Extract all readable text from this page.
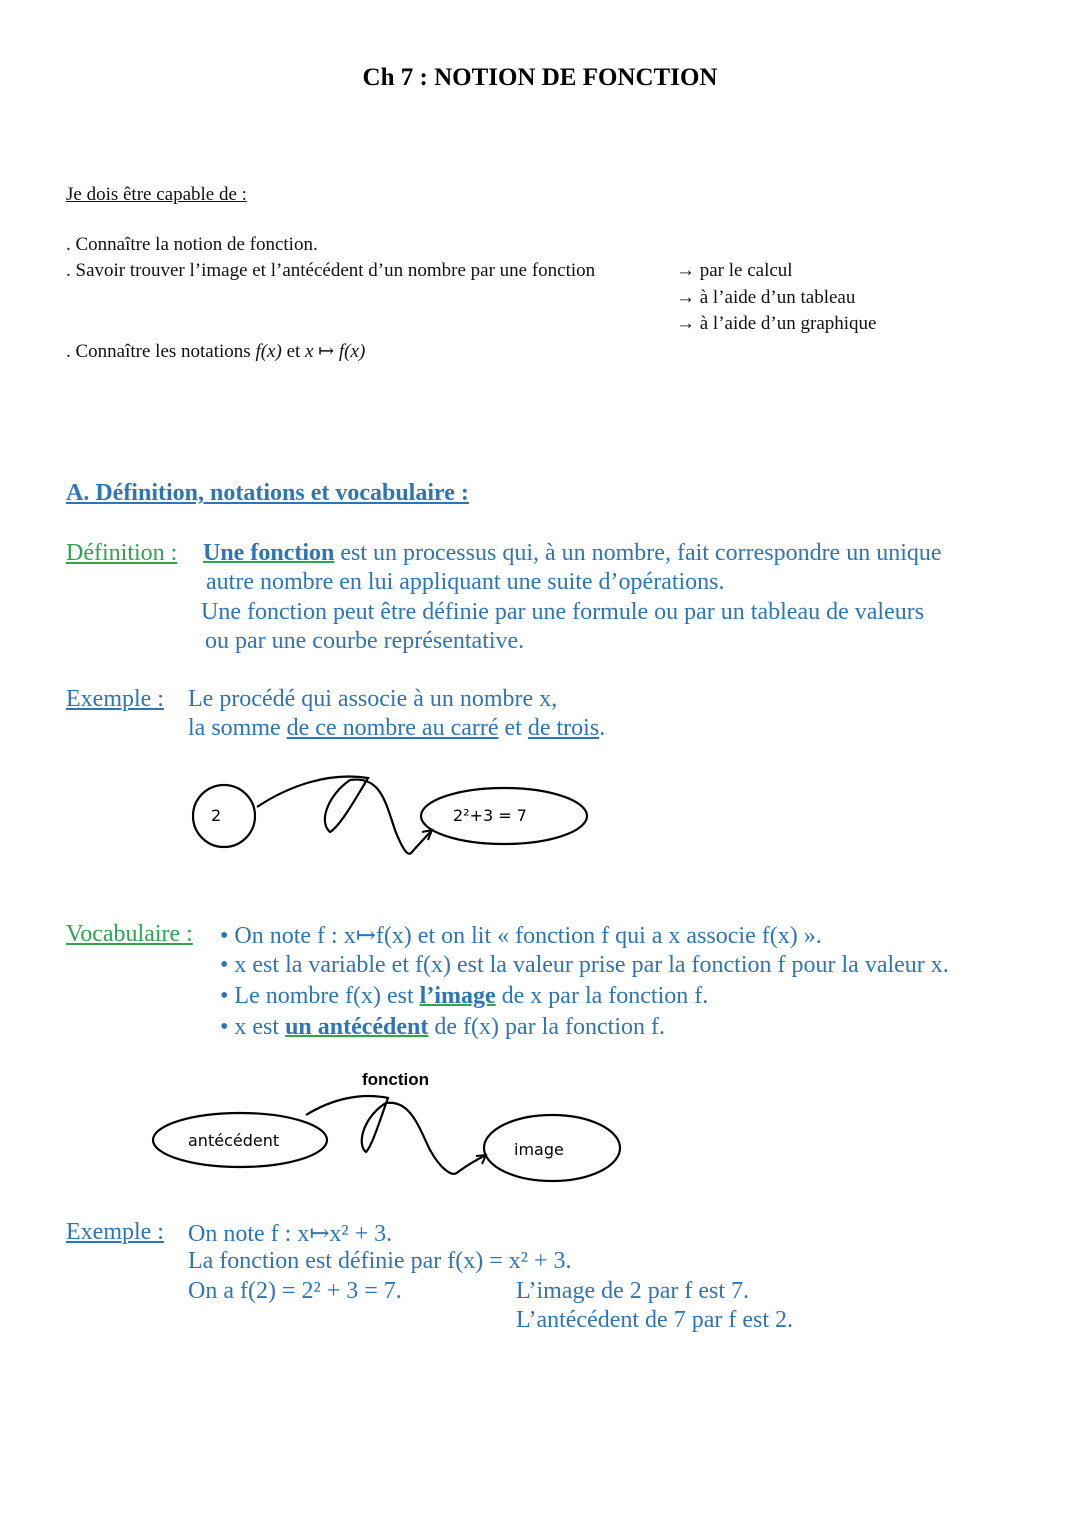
Ch 7 : NOTION DE FONCTION
Je dois être capable de :
. Connaître la notion de fonction.
. Savoir trouver l’image et l’antécédent d’un nombre par une fonction	→ par le calcul
→ à l’aide d’un tableau
→ à l’aide d’un graphique
. Connaître les notations f(x) et x ↦ f(x)
A. Définition, notations et vocabulaire :
Définition : Une fonction est un processus qui, à un nombre, fait correspondre un unique
autre nombre en lui appliquant une suite d’opérations.
Une fonction peut être définie par une formule ou par un tableau de valeurs
ou par une courbe représentative.
Exemple : Le procédé qui associe à un nombre x,
la somme de ce nombre au carré et de trois.
2	2²+3 = 7
Vocabulaire : • On note f : x↦f(x) et on lit « fonction f qui a x associe f(x) ».
• x est la variable et f(x) est la valeur prise par la fonction f pour la valeur x.
• Le nombre f(x) est l’image de x par la fonction f.
• x est un antécédent de f(x) par la fonction f.
fonction
antécédent	image
Exemple : On note f : x↦x² + 3.
La fonction est définie par f(x) = x² + 3.
On a f(2) = 2² + 3 = 7.	L’image de 2 par f est 7.
L’antécédent de 7 par f est 2.
